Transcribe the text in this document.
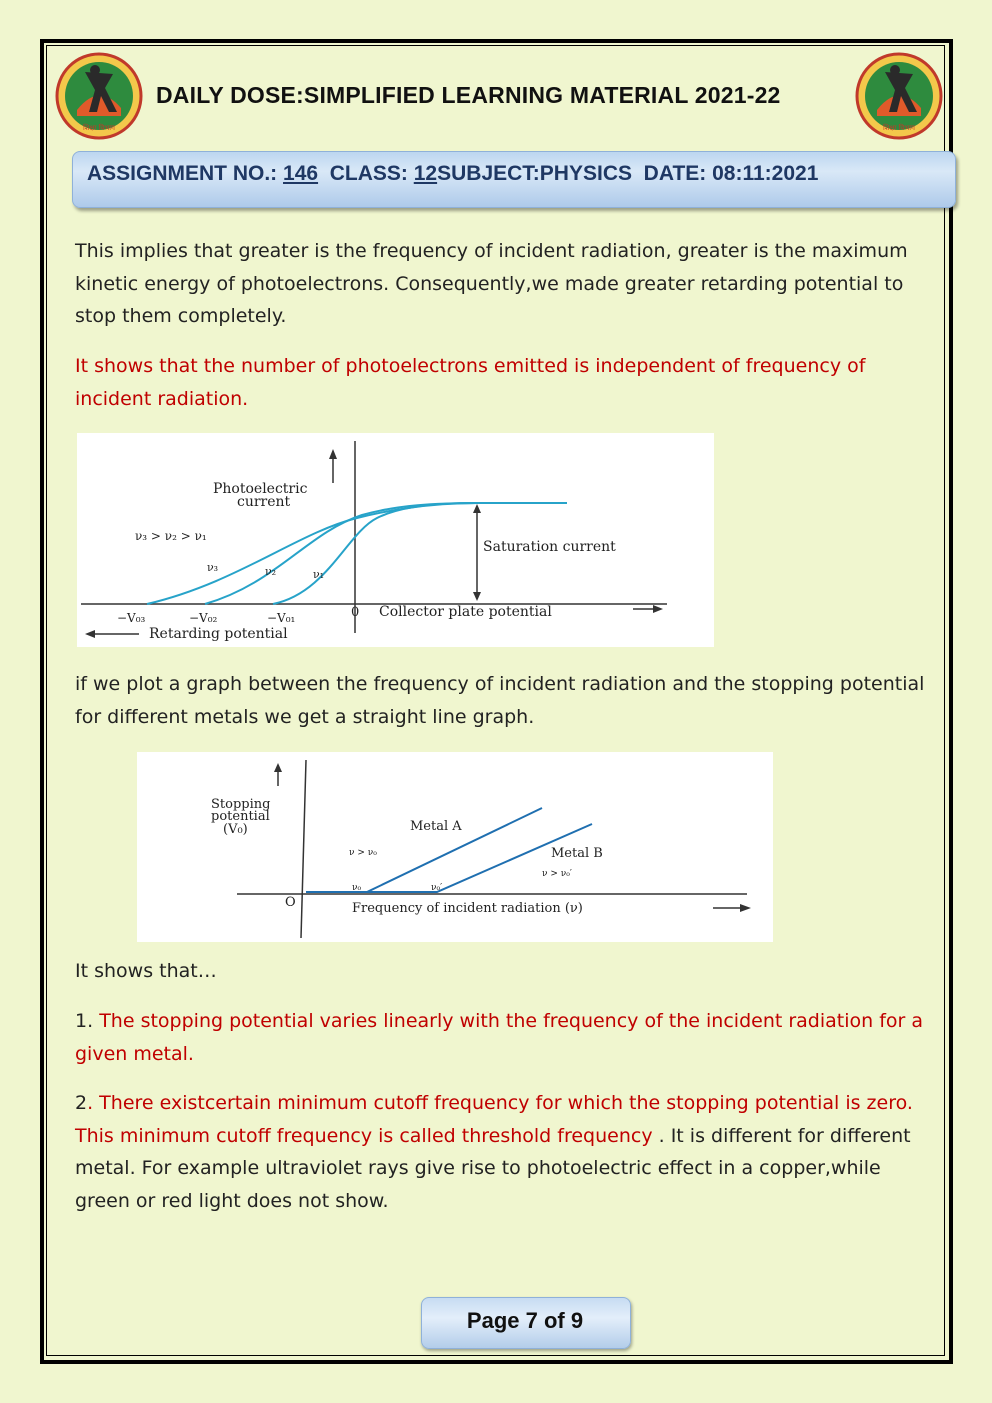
शिक्षा विभाग
DAILY DOSE:SIMPLIFIED LEARNING MATERIAL 2021-22
शिक्षा विभाग
ASSIGNMENT NO.: 146 CLASS: 12SUBJECT:PHYSICS DATE: 08:11:2021
This implies that greater is the frequency of incident radiation, greater is the maximum kinetic energy of photoelectrons. Consequently,we made greater retarding potential to stop them completely.
It shows that the number of photoelectrons emitted is independent of frequency of incident radiation.
Photoelectric
current
ν₃ > ν₂ > ν₁
ν₃	ν₂	ν₁
Saturation current
−V₀₃	−V₀₂	−V₀₁	0 Collector plate potential
Retarding potential
if we plot a graph between the frequency of incident radiation and the stopping potential for different metals we get a straight line graph.
Stopping
potential
(V₀)	Metal A
Metal B
ν > ν₀
ν > ν₀′
ν₀	ν₀′
O	Frequency of incident radiation (ν)
It shows that…
1. The stopping potential varies linearly with the frequency of the incident radiation for a given metal.
2. There existcertain minimum cutoff frequency for which the stopping potential is zero. This minimum cutoff frequency is called threshold frequency . It is different for different metal. For example ultraviolet rays give rise to photoelectric effect in a copper,while green or red light does not show.
Page 7 of 9
